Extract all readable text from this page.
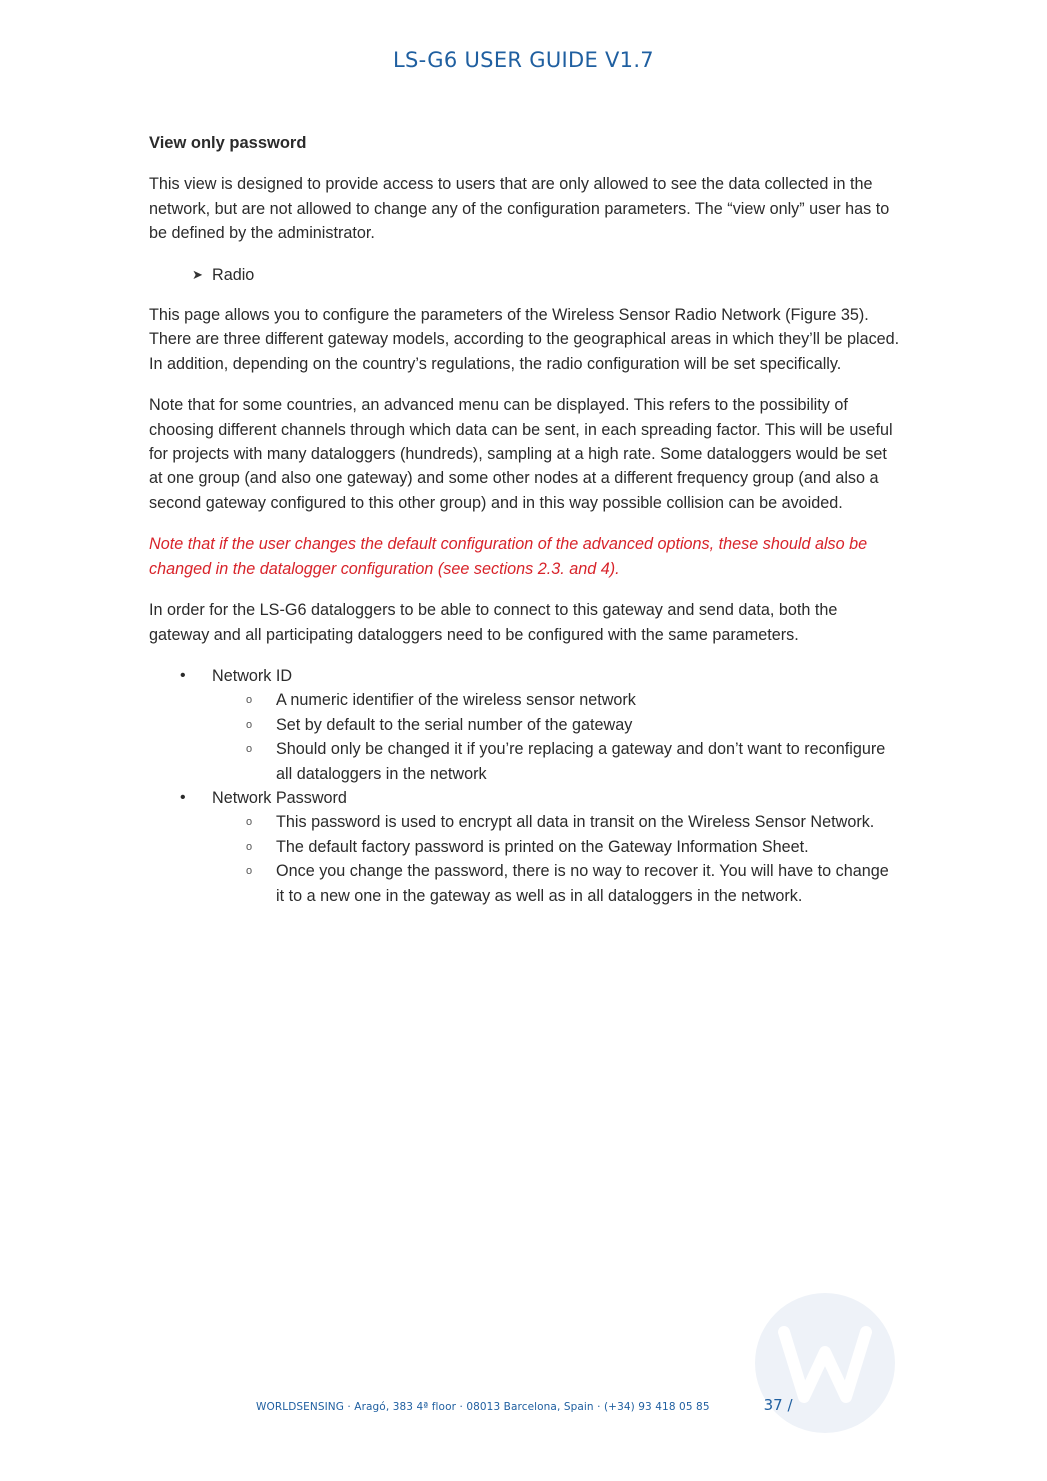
LS-G6 USER GUIDE V1.7
View only password

This view is designed to provide access to users that are only allowed to see the data collected in the network, but are not allowed to change any of the configuration parameters. The “view only” user has to be defined by the administrator.

➤ Radio

This page allows you to configure the parameters of the Wireless Sensor Radio Network (Figure 35). There are three different gateway models, according to the geographical areas in which they’ll be placed. In addition, depending on the country’s regulations, the radio configuration will be set specifically.

Note that for some countries, an advanced menu can be displayed. This refers to the possibility of choosing different channels through which data can be sent, in each spreading factor. This will be useful for projects with many dataloggers (hundreds), sampling at a high rate. Some dataloggers would be set at one group (and also one gateway) and some other nodes at a different frequency group (and also a second gateway configured to this other group) and in this way possible collision can be avoided.

Note that if the user changes the default configuration of the advanced options, these should also be changed in the datalogger configuration (see sections 2.3. and 4).

In order for the LS-G6 dataloggers to be able to connect to this gateway and send data, both the gateway and all participating dataloggers need to be configured with the same parameters.

• Network ID
o A numeric identifier of the wireless sensor network
o Set by default to the serial number of the gateway
o Should only be changed it if you’re replacing a gateway and don’t want to reconfigure all dataloggers in the network
• Network Password
o This password is used to encrypt all data in transit on the Wireless Sensor Network.
o The default factory password is printed on the Gateway Information Sheet.
o Once you change the password, there is no way to recover it. You will have to change it to a new one in the gateway as well as in all dataloggers in the network.
WORLDSENSING · Aragó, 383 4ª floor · 08013 Barcelona, Spain · (+34) 93 418 05 85	37 /
